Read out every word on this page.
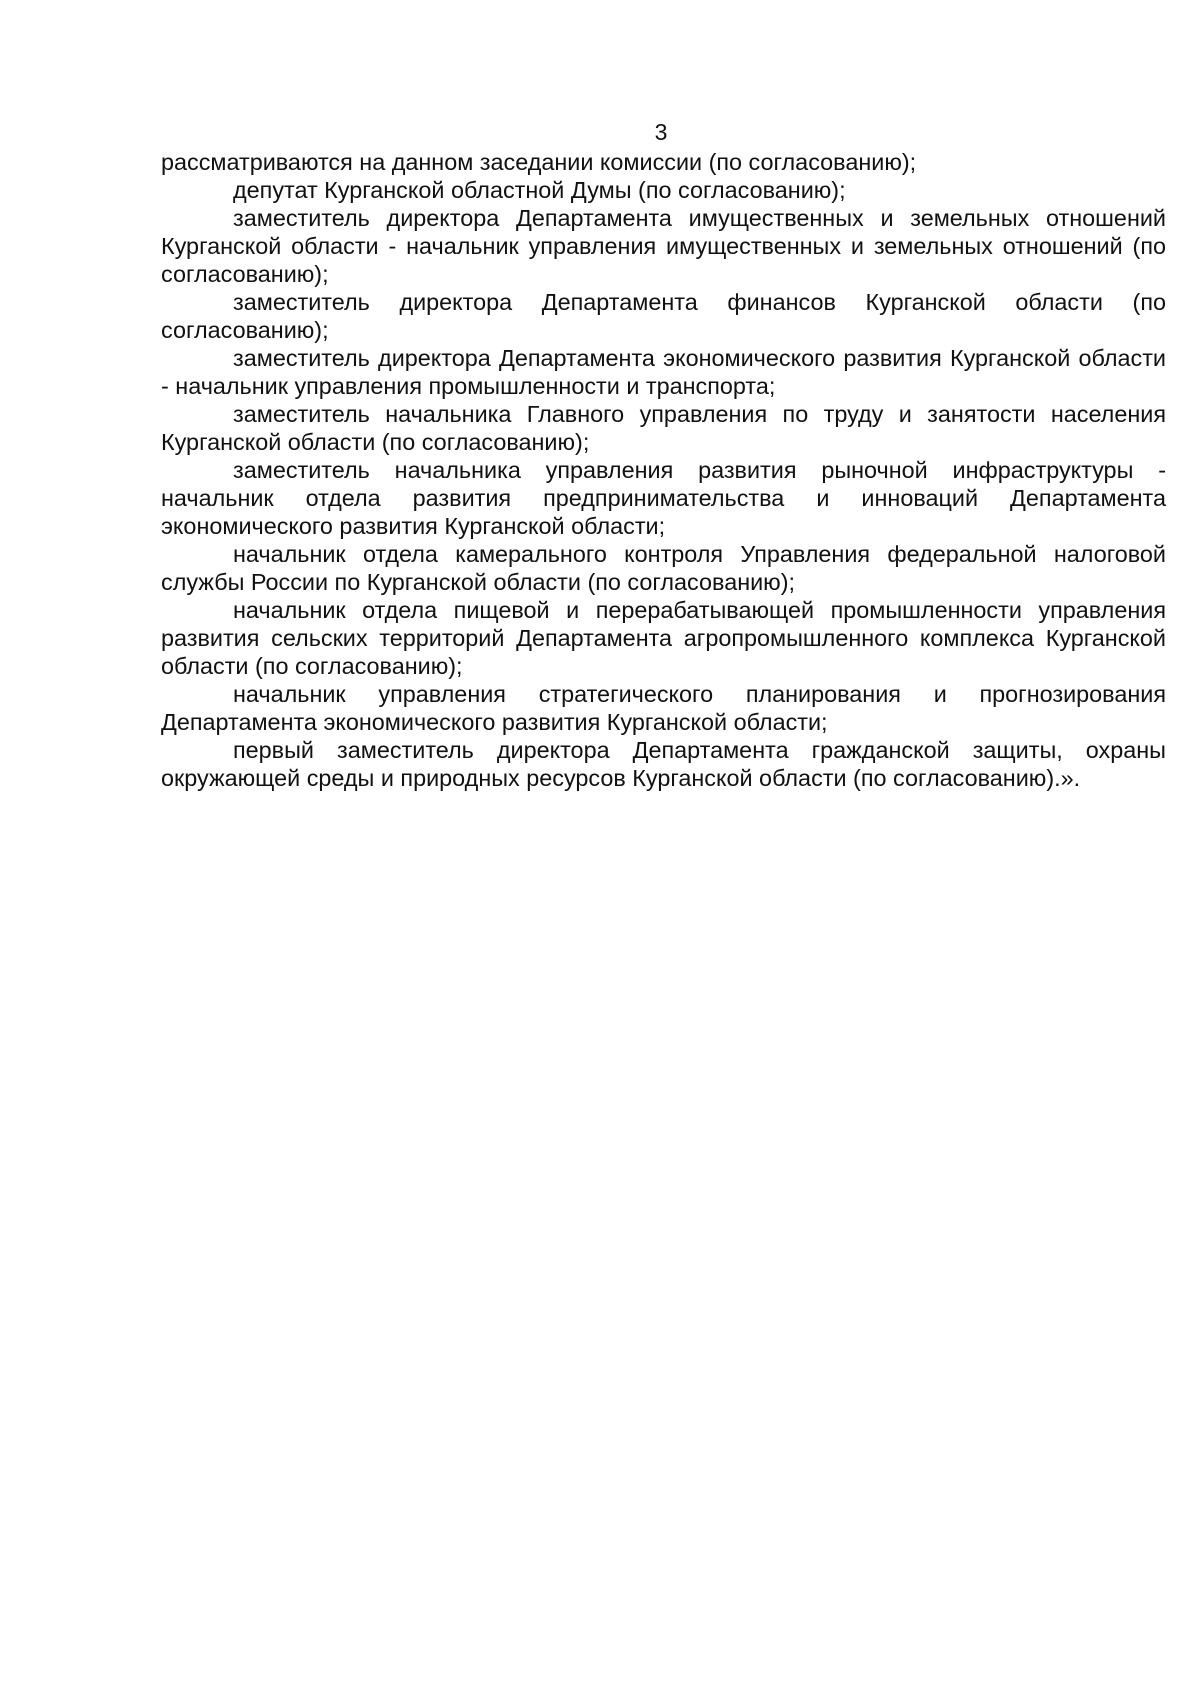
3

рассматриваются на данном заседании комиссии (по согласованию);

депутат Курганской областной Думы (по согласованию);

заместитель директора Департамента имущественных и земельных отношений Курганской области - начальник управления имущественных и земельных отношений (по согласованию);

заместитель директора Департамента финансов Курганской области (по согласованию);

заместитель директора Департамента экономического развития Курганской области - начальник управления промышленности и транспорта;

заместитель начальника Главного управления по труду и занятости населения Курганской области (по согласованию);

заместитель начальника управления развития рыночной инфраструктуры - начальник отдела развития предпринимательства и инноваций Департамента экономического развития Курганской области;

начальник отдела камерального контроля Управления федеральной налоговой службы России по Курганской области (по согласованию);

начальник отдела пищевой и перерабатывающей промышленности управления развития сельских территорий Департамента агропромышленного комплекса Курганской области (по согласованию);

начальник управления стратегического планирования и прогнозирования Департамента экономического развития Курганской области;

первый заместитель директора Департамента гражданской защиты, охраны окружающей среды и природных ресурсов Курганской области (по согласованию).».
